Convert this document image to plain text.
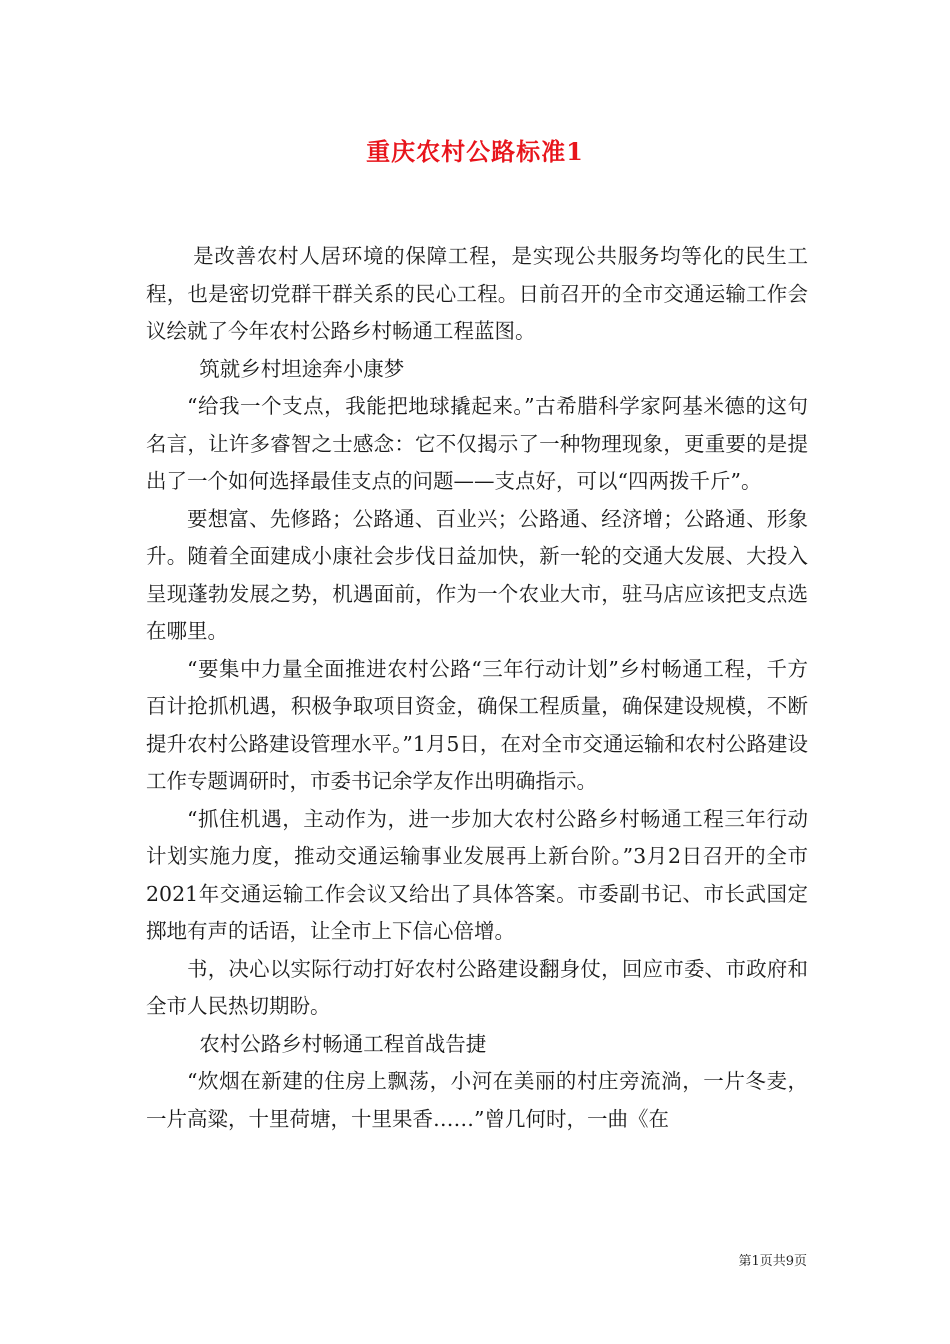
重庆农村公路标准1

是改善农村人居环境的保障工程，是实现公共服务均等化的民生工程，也是密切党群干群关系的民心工程。日前召开的全市交通运输工作会议绘就了今年农村公路乡村畅通工程蓝图。

筑就乡村坦途奔小康梦

“给我一个支点，我能把地球撬起来。”古希腊科学家阿基米德的这句名言，让许多睿智之士感念：它不仅揭示了一种物理现象，更重要的是提出了一个如何选择最佳支点的问题——支点好，可以“四两拨千斤”。

要想富、先修路；公路通、百业兴；公路通、经济增；公路通、形象升。随着全面建成小康社会步伐日益加快，新一轮的交通大发展、大投入呈现蓬勃发展之势，机遇面前，作为一个农业大市，驻马店应该把支点选在哪里。

“要集中力量全面推进农村公路“三年行动计划”乡村畅通工程，千方百计抢抓机遇，积极争取项目资金，确保工程质量，确保建设规模，不断提升农村公路建设管理水平。”1月5日，在对全市交通运输和农村公路建设工作专题调研时，市委书记余学友作出明确指示。

“抓住机遇，主动作为，进一步加大农村公路乡村畅通工程三年行动计划实施力度，推动交通运输事业发展再上新台阶。”3月2日召开的全市2021年交通运输工作会议又给出了具体答案。市委副书记、市长武国定掷地有声的话语，让全市上下信心倍增。

书，决心以实际行动打好农村公路建设翻身仗，回应市委、市政府和全市人民热切期盼。

农村公路乡村畅通工程首战告捷

“炊烟在新建的住房上飘荡，小河在美丽的村庄旁流淌，一片冬麦，一片高粱，十里荷塘，十里果香……”曾几何时，一曲《在

第1页共9页
